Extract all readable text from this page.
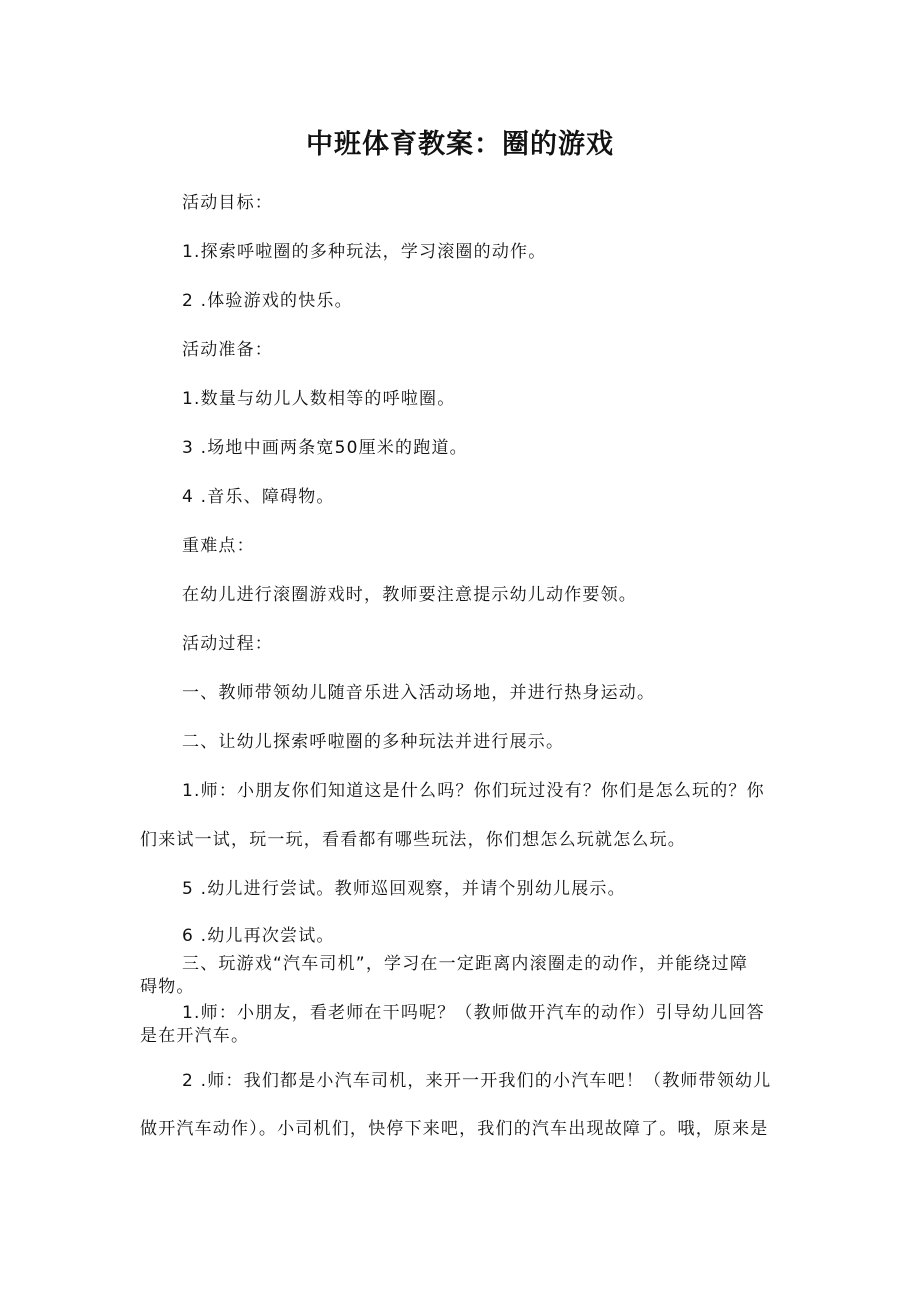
中班体育教案：圈的游戏
活动目标：
1.探索呼啦圈的多种玩法，学习滚圈的动作。
2 .体验游戏的快乐。
活动准备：
1.数量与幼儿人数相等的呼啦圈。
3 .场地中画两条宽50厘米的跑道。
4 .音乐、障碍物。
重难点：
在幼儿进行滚圈游戏时，教师要注意提示幼儿动作要领。
活动过程：
一、教师带领幼儿随音乐进入活动场地，并进行热身运动。
二、让幼儿探索呼啦圈的多种玩法并进行展示。
1.师：小朋友你们知道这是什么吗？你们玩过没有？你们是怎么玩的？你
们来试一试，玩一玩，看看都有哪些玩法，你们想怎么玩就怎么玩。
5 .幼儿进行尝试。教师巡回观察，并请个别幼儿展示。
6 .幼儿再次尝试。
三、玩游戏“汽车司机”，学习在一定距离内滚圈走的动作，并能绕过障
碍物。
1.师：小朋友，看老师在干吗呢？（教师做开汽车的动作）引导幼儿回答
是在开汽车。
2 .师：我们都是小汽车司机，来开一开我们的小汽车吧！（教师带领幼儿
做开汽车动作）。小司机们，快停下来吧，我们的汽车出现故障了。哦，原来是
